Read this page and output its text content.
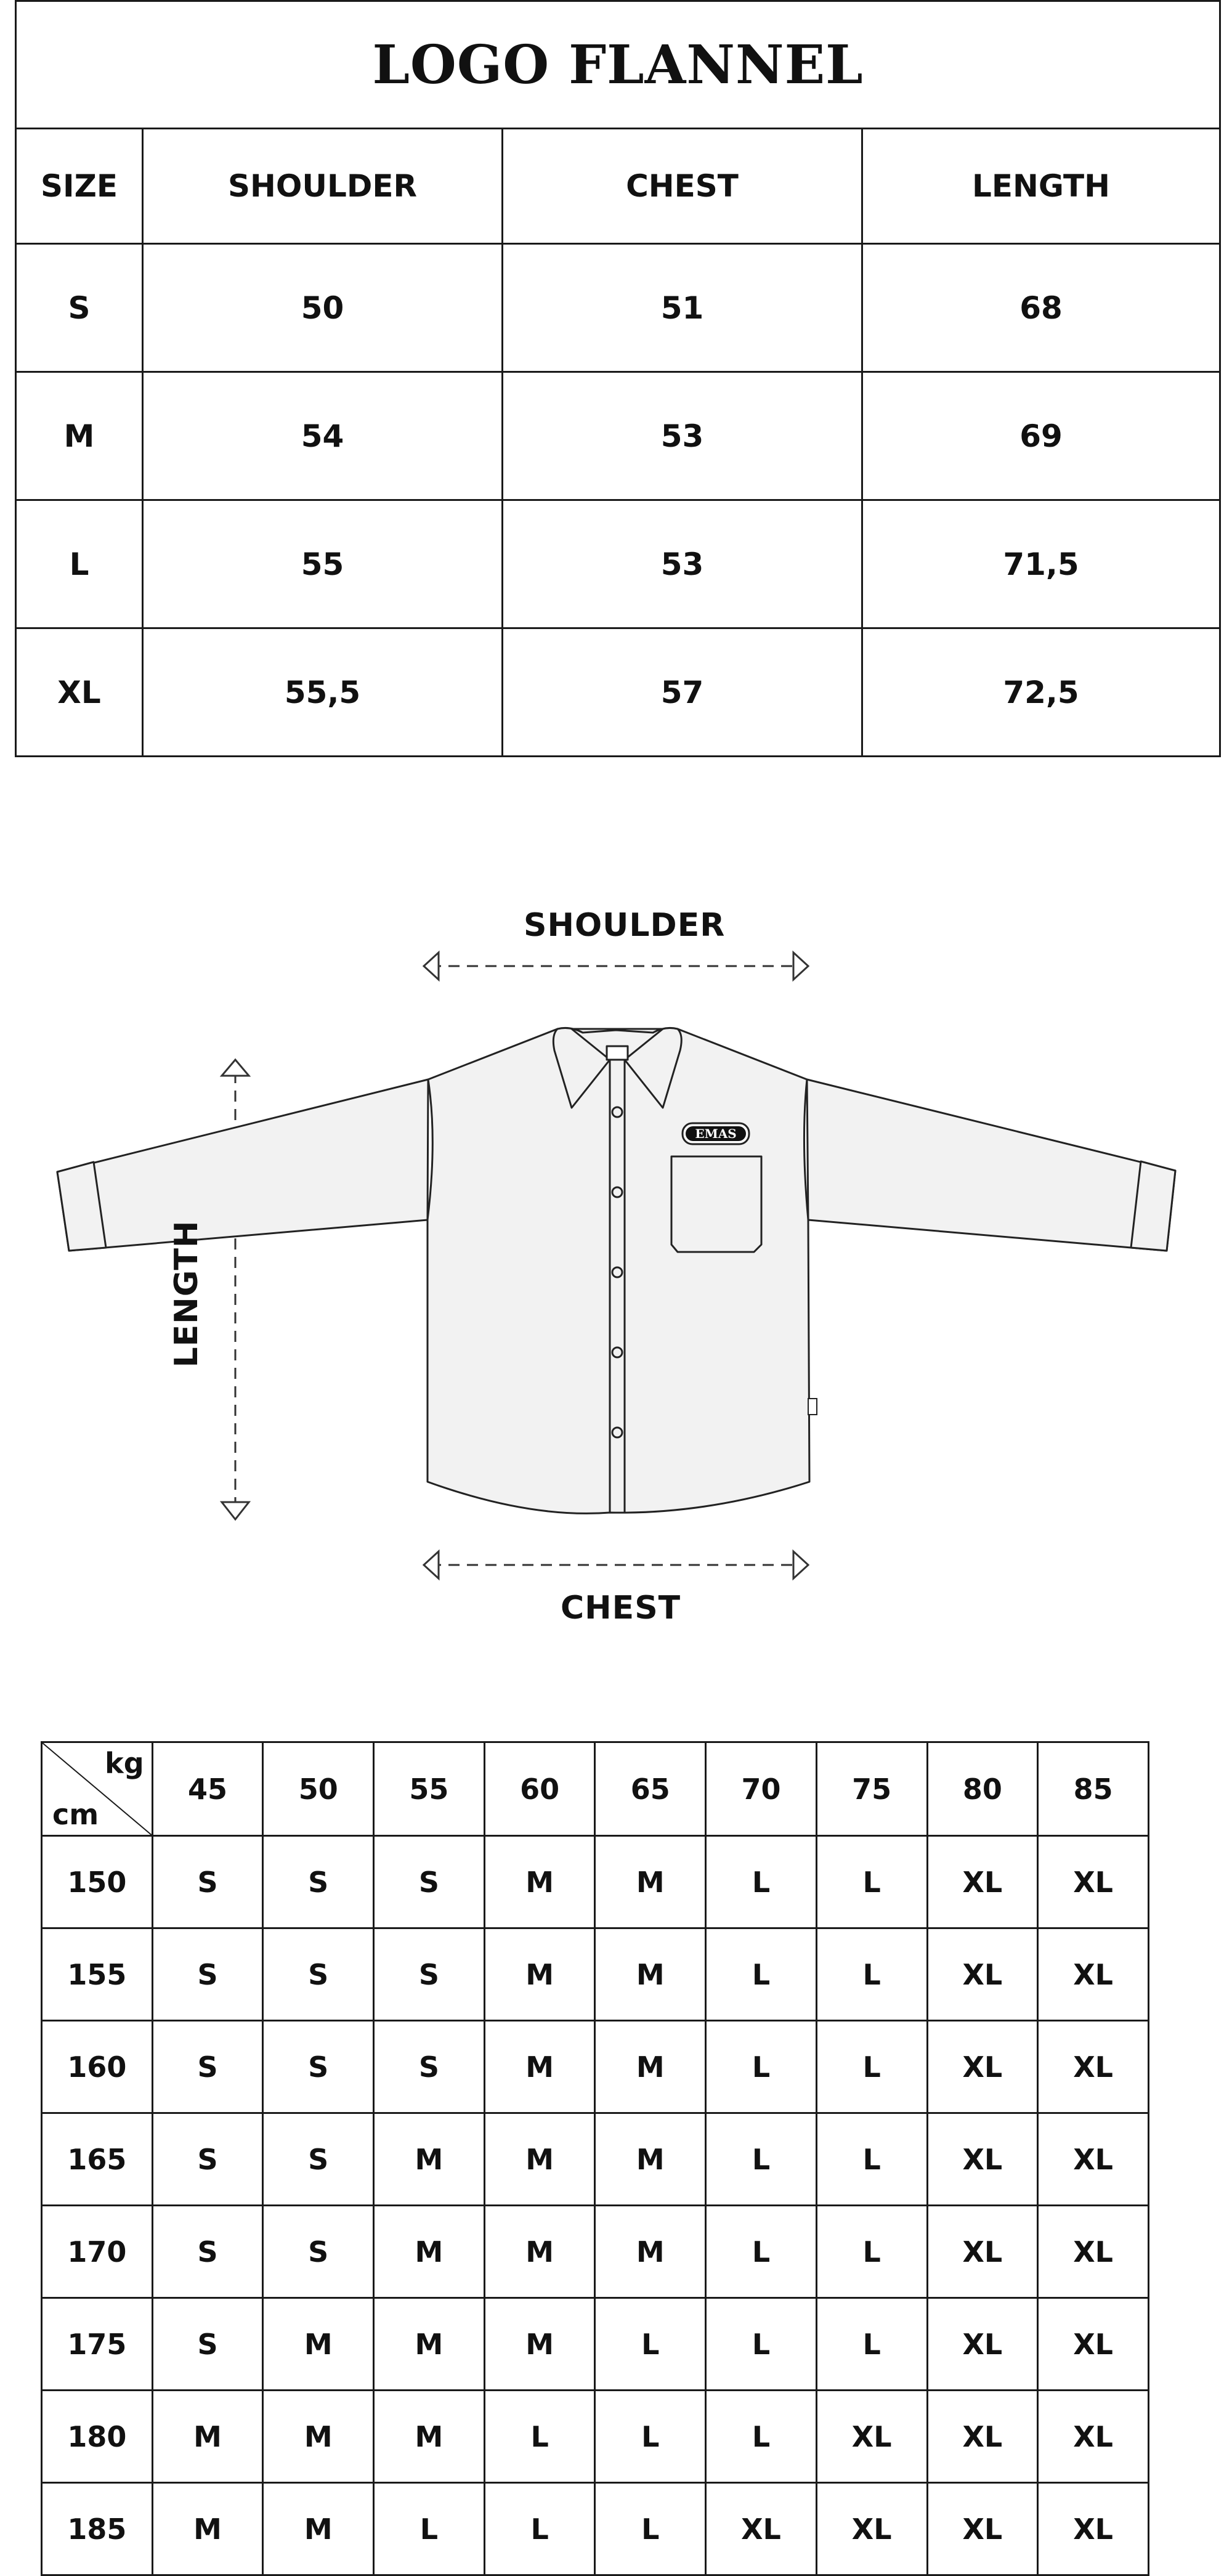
LOGO FLANNEL			
SIZE	SHOULDER	CHEST	LENGTH
S	50	51	68
M	54	53	69
L	55	53	71,5
XL	55,5	57	72,5
EMAS
SHOULDER
CHEST
LENGTH
kg
cm	45	50	55	60	65	70	75	80	85
150	S	S	S	M	M	L	L	XL	XL
155	S	S	S	M	M	L	L	XL	XL
160	S	S	S	M	M	L	L	XL	XL
165	S	S	M	M	M	L	L	XL	XL
170	S	S	M	M	M	L	L	XL	XL
175	S	M	M	M	L	L	L	XL	XL
180	M	M	M	L	L	L	XL	XL	XL
185	M	M	L	L	L	XL	XL	XL	XL
